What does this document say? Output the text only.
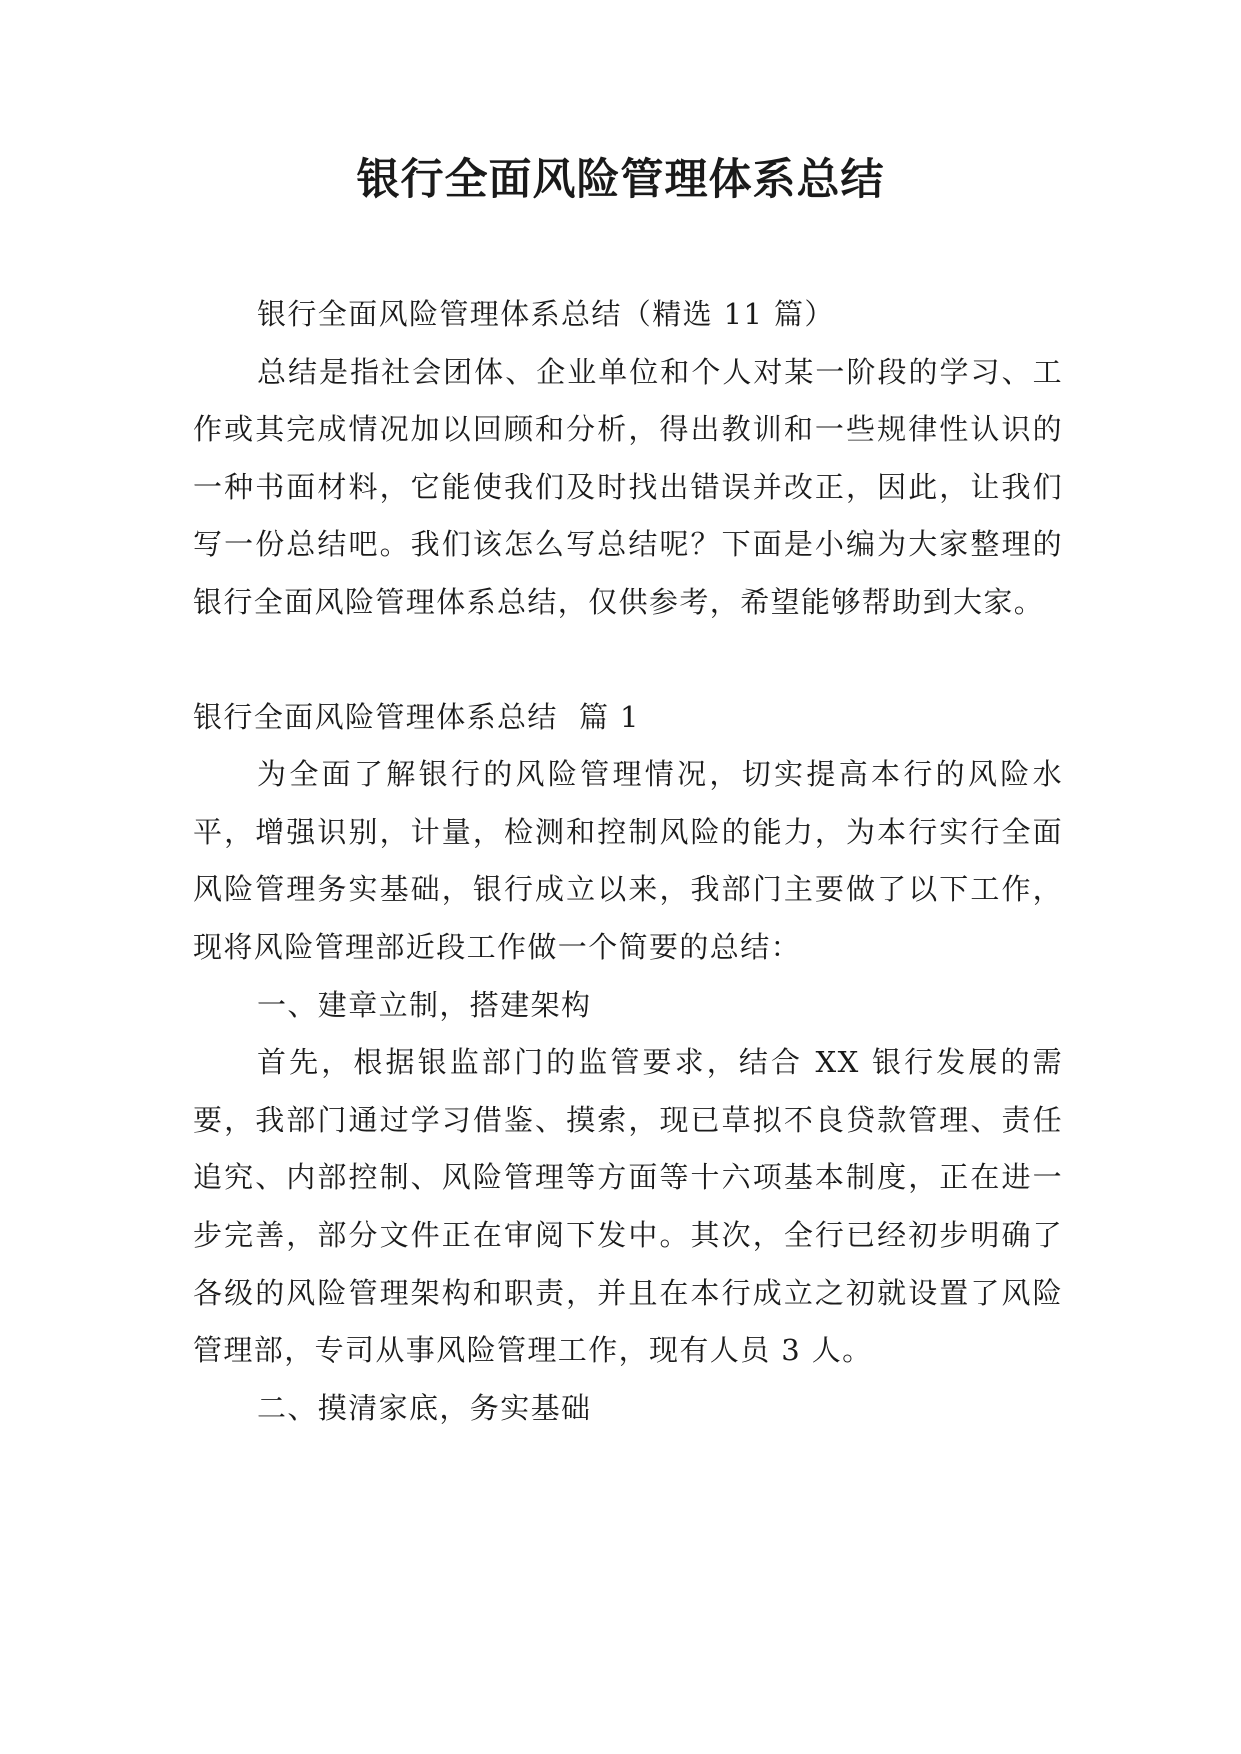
银行全面风险管理体系总结

银行全面风险管理体系总结（精选 11 篇）

总结是指社会团体、企业单位和个人对某一阶段的学习、工作或其完成情况加以回顾和分析，得出教训和一些规律性认识的一种书面材料，它能使我们及时找出错误并改正，因此，让我们写一份总结吧。我们该怎么写总结呢？下面是小编为大家整理的银行全面风险管理体系总结，仅供参考，希望能够帮助到大家。

银行全面风险管理体系总结  篇 1

为全面了解银行的风险管理情况，切实提高本行的风险水平，增强识别，计量，检测和控制风险的能力，为本行实行全面风险管理务实基础，银行成立以来，我部门主要做了以下工作，现将风险管理部近段工作做一个简要的总结：

一、建章立制，搭建架构

首先，根据银监部门的监管要求，结合 XX 银行发展的需要，我部门通过学习借鉴、摸索，现已草拟不良贷款管理、责任追究、内部控制、风险管理等方面等十六项基本制度，正在进一步完善，部分文件正在审阅下发中。其次，全行已经初步明确了各级的风险管理架构和职责，并且在本行成立之初就设置了风险管理部，专司从事风险管理工作，现有人员 3 人。

二、摸清家底，务实基础
